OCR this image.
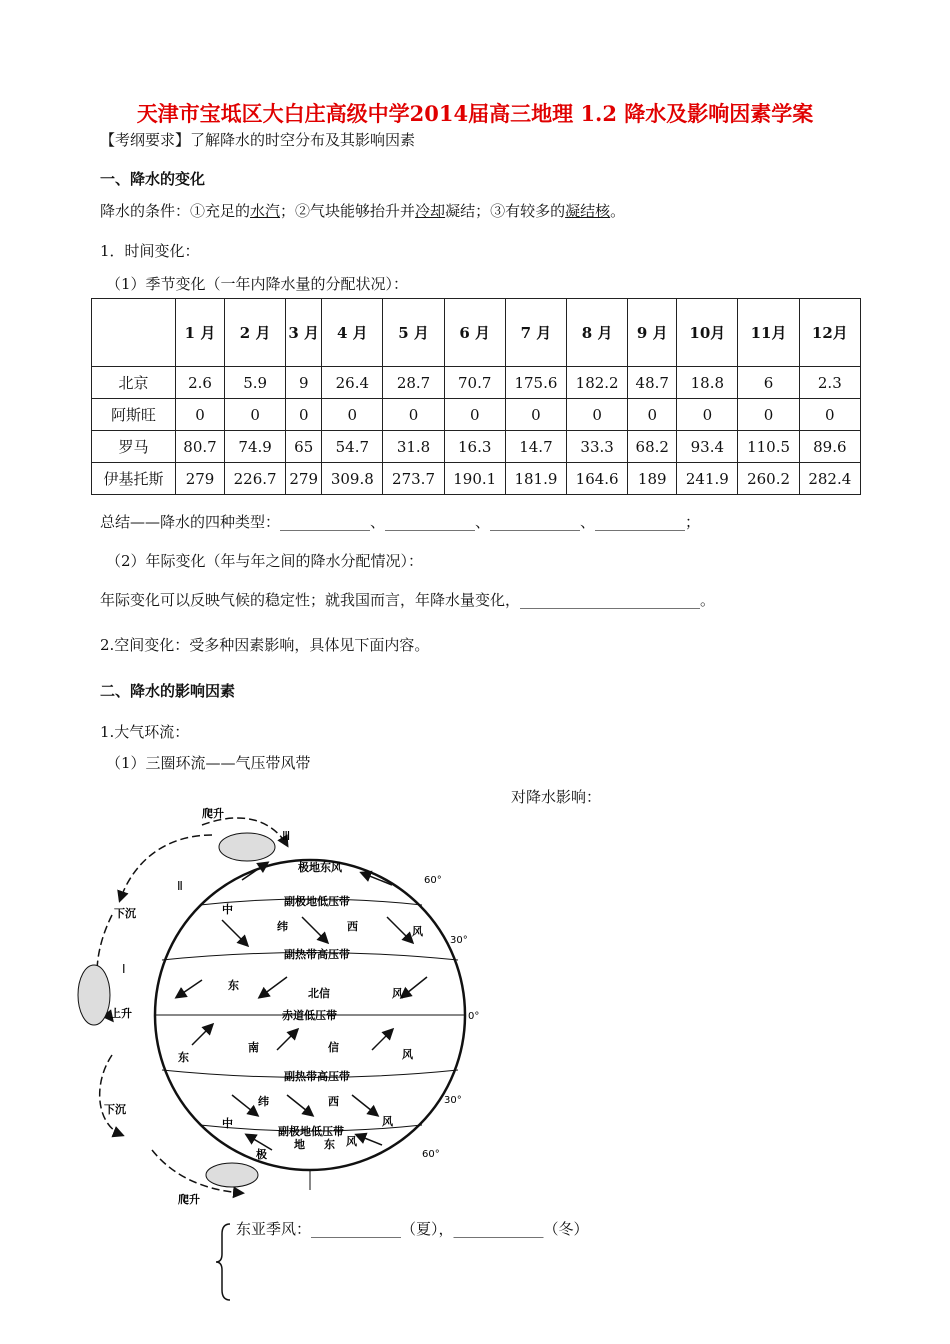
天津市宝坻区大白庄高级中学2014届高三地理 1.2 降水及影响因素学案
【考纲要求】了解降水的时空分布及其影响因素
一、降水的变化
降水的条件：①充足的水汽；②气块能够抬升并冷却凝结；③有较多的凝结核。
1．时间变化：
（1）季节变化（一年内降水量的分配状况）：
	1 月	2 月	3 月	4 月	5 月	6 月	7 月	8 月	9 月	10月	11月	12月
北京	2.6	5.9	9	26.4	28.7	70.7	175.6	182.2	48.7	18.8	6	2.3
阿斯旺	0	0	0	0	0	0	0	0	0	0	0	0
罗马	80.7	74.9	65	54.7	31.8	16.3	14.7	33.3	68.2	93.4	110.5	89.6
伊基托斯	279	226.7	279	309.8	273.7	190.1	181.9	164.6	189	241.9	260.2	282.4
总结——降水的四种类型：____________、____________、____________、____________；
（2）年际变化（年与年之间的降水分配情况）：
年际变化可以反映气候的稳定性；就我国而言，年降水量变化，________________________。
2.空间变化：受多种因素影响，具体见下面内容。
二、降水的影响因素
1.大气环流：
（1）三圈环流——气压带风带
对降水影响：
Ⅲ
Ⅱ
Ⅰ
爬升
下沉
上升
下沉
爬升
极地东风
副极地低压带
副热带高压带
北信
赤道低压带
副热带高压带
副极地低压带
中
纬	西	风
东
风
南	信
风
东
中
纬	西
风
极
地 东 风
60°
30°
0°
30°
60°
东亚季风：____________（夏），____________（冬）
